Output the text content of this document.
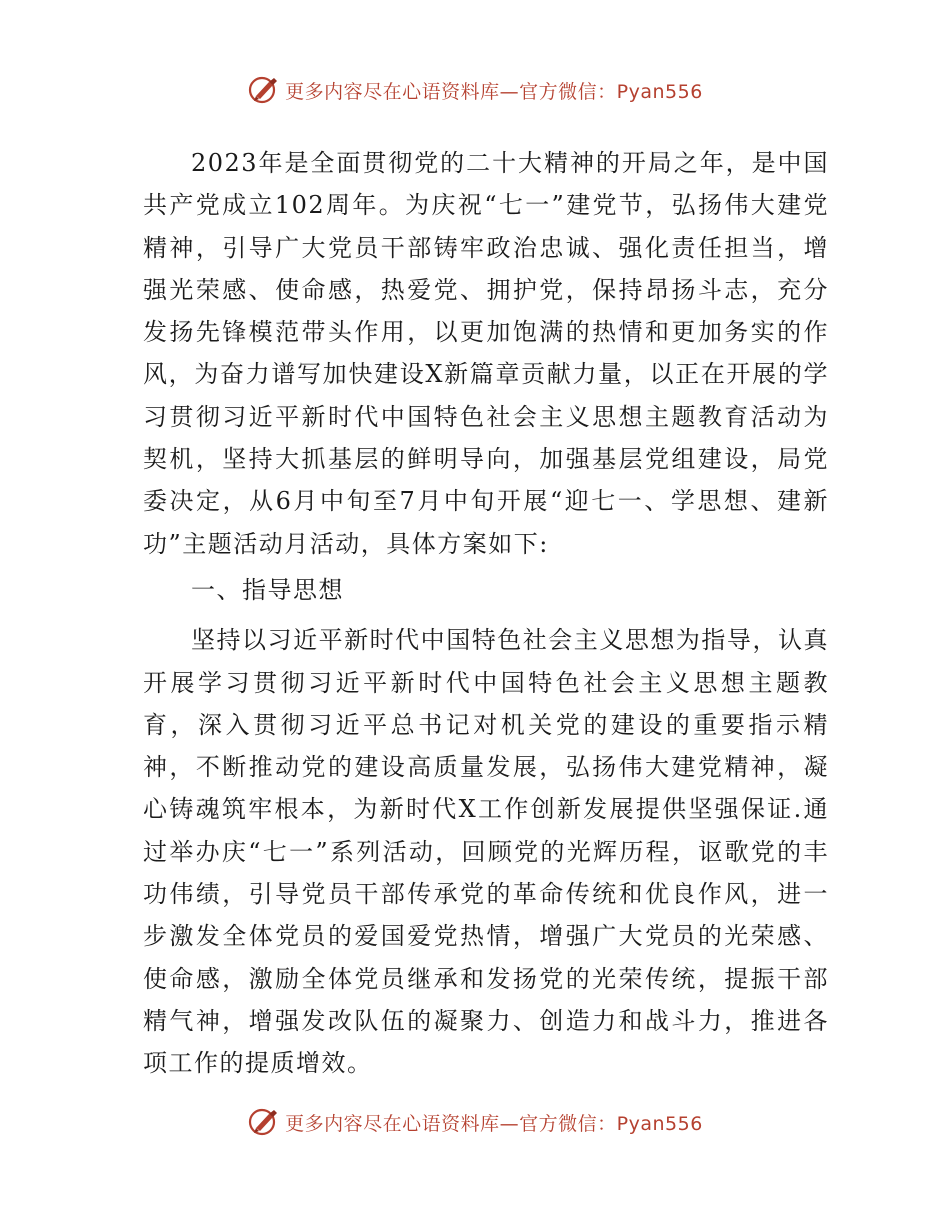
更多内容尽在心语资料库—官方微信：Pyan556

2023年是全面贯彻党的二十大精神的开局之年，是中国共产党成立102周年。为庆祝“七一”建党节，弘扬伟大建党精神，引导广大党员干部铸牢政治忠诚、强化责任担当，增强光荣感、使命感，热爱党、拥护党，保持昂扬斗志，充分发扬先锋模范带头作用，以更加饱满的热情和更加务实的作风，为奋力谱写加快建设X新篇章贡献力量，以正在开展的学习贯彻习近平新时代中国特色社会主义思想主题教育活动为契机，坚持大抓基层的鲜明导向，加强基层党组建设，局党委决定，从6月中旬至7月中旬开展“迎七一、学思想、建新功”主题活动月活动，具体方案如下:

一、指导思想

坚持以习近平新时代中国特色社会主义思想为指导，认真开展学习贯彻习近平新时代中国特色社会主义思想主题教育，深入贯彻习近平总书记对机关党的建设的重要指示精神，不断推动党的建设高质量发展，弘扬伟大建党精神，凝心铸魂筑牢根本，为新时代X工作创新发展提供坚强保证.通过举办庆“七一”系列活动，回顾党的光辉历程，讴歌党的丰功伟绩，引导党员干部传承党的革命传统和优良作风，进一步激发全体党员的爱国爱党热情，增强广大党员的光荣感、使命感，激励全体党员继承和发扬党的光荣传统，提振干部精气神，增强发改队伍的凝聚力、创造力和战斗力，推进各项工作的提质增效。

更多内容尽在心语资料库—官方微信：Pyan556
